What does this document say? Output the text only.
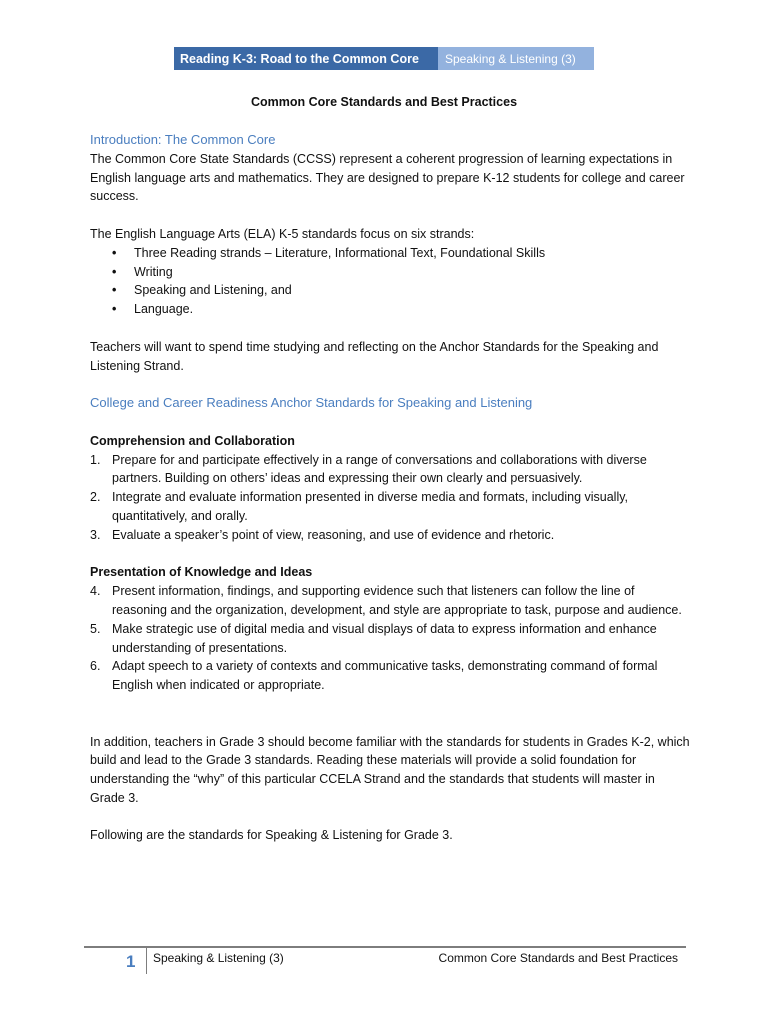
Reading K-3: Road to the Common Core	Speaking & Listening (3)
Common Core Standards and Best Practices

Introduction: The Common Core

The Common Core State Standards (CCSS) represent a coherent progression of learning expectations in English language arts and mathematics. They are designed to prepare K-12 students for college and career success.

The English Language Arts (ELA) K-5 standards focus on six strands:

• Three Reading strands – Literature, Informational Text, Foundational Skills
• Writing
• Speaking and Listening, and
• Language.

Teachers will want to spend time studying and reflecting on the Anchor Standards for the Speaking and Listening Strand.

College and Career Readiness Anchor Standards for Speaking and Listening

Comprehension and Collaboration

1. Prepare for and participate effectively in a range of conversations and collaborations with diverse partners. Building on others’ ideas and expressing their own clearly and persuasively.
2. Integrate and evaluate information presented in diverse media and formats, including visually, quantitatively, and orally.
3. Evaluate a speaker’s point of view, reasoning, and use of evidence and rhetoric.

Presentation of Knowledge and Ideas

4. Present information, findings, and supporting evidence such that listeners can follow the line of reasoning and the organization, development, and style are appropriate to task, purpose and audience.
5. Make strategic use of digital media and visual displays of data to express information and enhance understanding of presentations.
6. Adapt speech to a variety of contexts and communicative tasks, demonstrating command of formal English when indicated or appropriate.

In addition, teachers in Grade 3 should become familiar with the standards for students in Grades K-2, which build and lead to the Grade 3 standards. Reading these materials will provide a solid foundation for understanding the “why” of this particular CCELA Strand and the standards that students will master in Grade 3.

Following are the standards for Speaking & Listening for Grade 3.

1 Speaking & Listening (3)	Common Core Standards and Best Practices
